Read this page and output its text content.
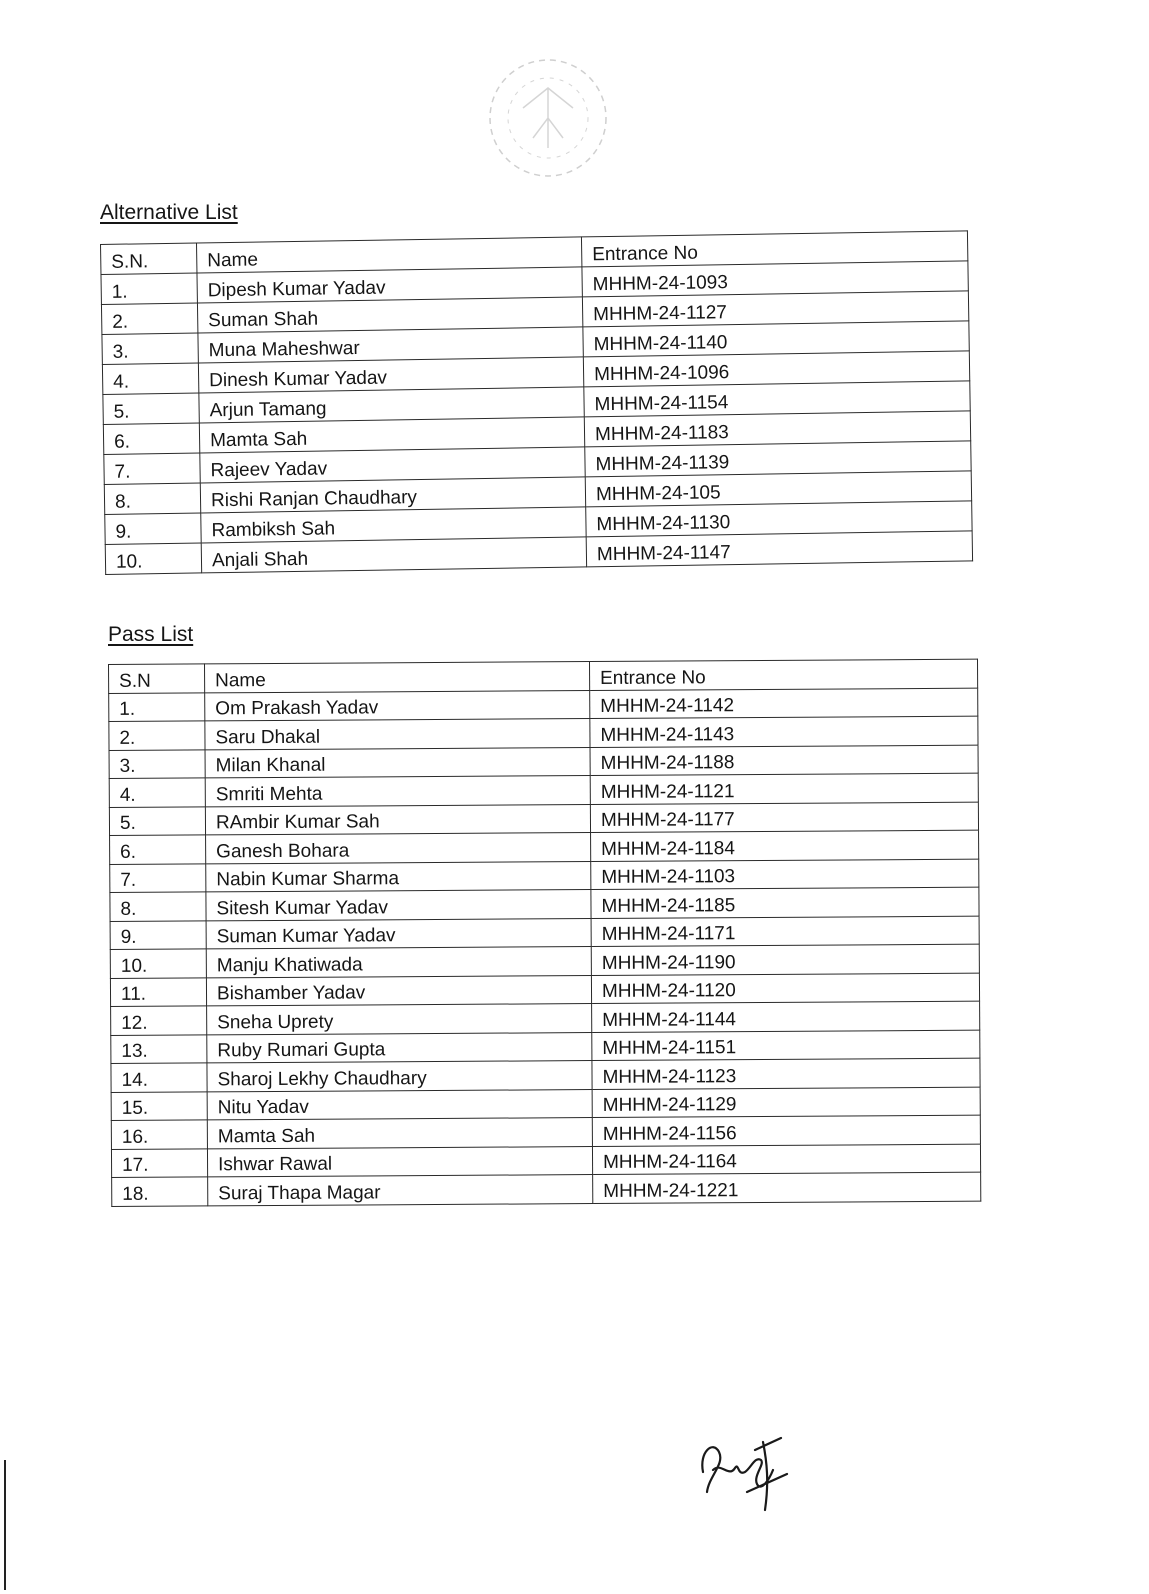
Alternative List
S.N.	Name	Entrance No
1.	Dipesh Kumar Yadav	MHHM-24-1093
2.	Suman Shah	MHHM-24-1127
3.	Muna Maheshwar	MHHM-24-1140
4.	Dinesh Kumar Yadav	MHHM-24-1096
5.	Arjun Tamang	MHHM-24-1154
6.	Mamta Sah	MHHM-24-1183
7.	Rajeev Yadav	MHHM-24-1139
8.	Rishi Ranjan Chaudhary	MHHM-24-105
9.	Rambiksh Sah	MHHM-24-1130
10.	Anjali Shah	MHHM-24-1147
Pass List
S.N	Name	Entrance No
1.	Om Prakash Yadav	MHHM-24-1142
2.	Saru Dhakal	MHHM-24-1143
3.	Milan Khanal	MHHM-24-1188
4.	Smriti Mehta	MHHM-24-1121
5.	RAmbir Kumar Sah	MHHM-24-1177
6.	Ganesh Bohara	MHHM-24-1184
7.	Nabin Kumar Sharma	MHHM-24-1103
8.	Sitesh Kumar Yadav	MHHM-24-1185
9.	Suman Kumar Yadav	MHHM-24-1171
10.	Manju Khatiwada	MHHM-24-1190
11.	Bishamber Yadav	MHHM-24-1120
12.	Sneha Uprety	MHHM-24-1144
13.	Ruby Rumari Gupta	MHHM-24-1151
14.	Sharoj Lekhy Chaudhary	MHHM-24-1123
15.	Nitu Yadav	MHHM-24-1129
16.	Mamta Sah	MHHM-24-1156
17.	Ishwar Rawal	MHHM-24-1164
18.	Suraj Thapa Magar	MHHM-24-1221
